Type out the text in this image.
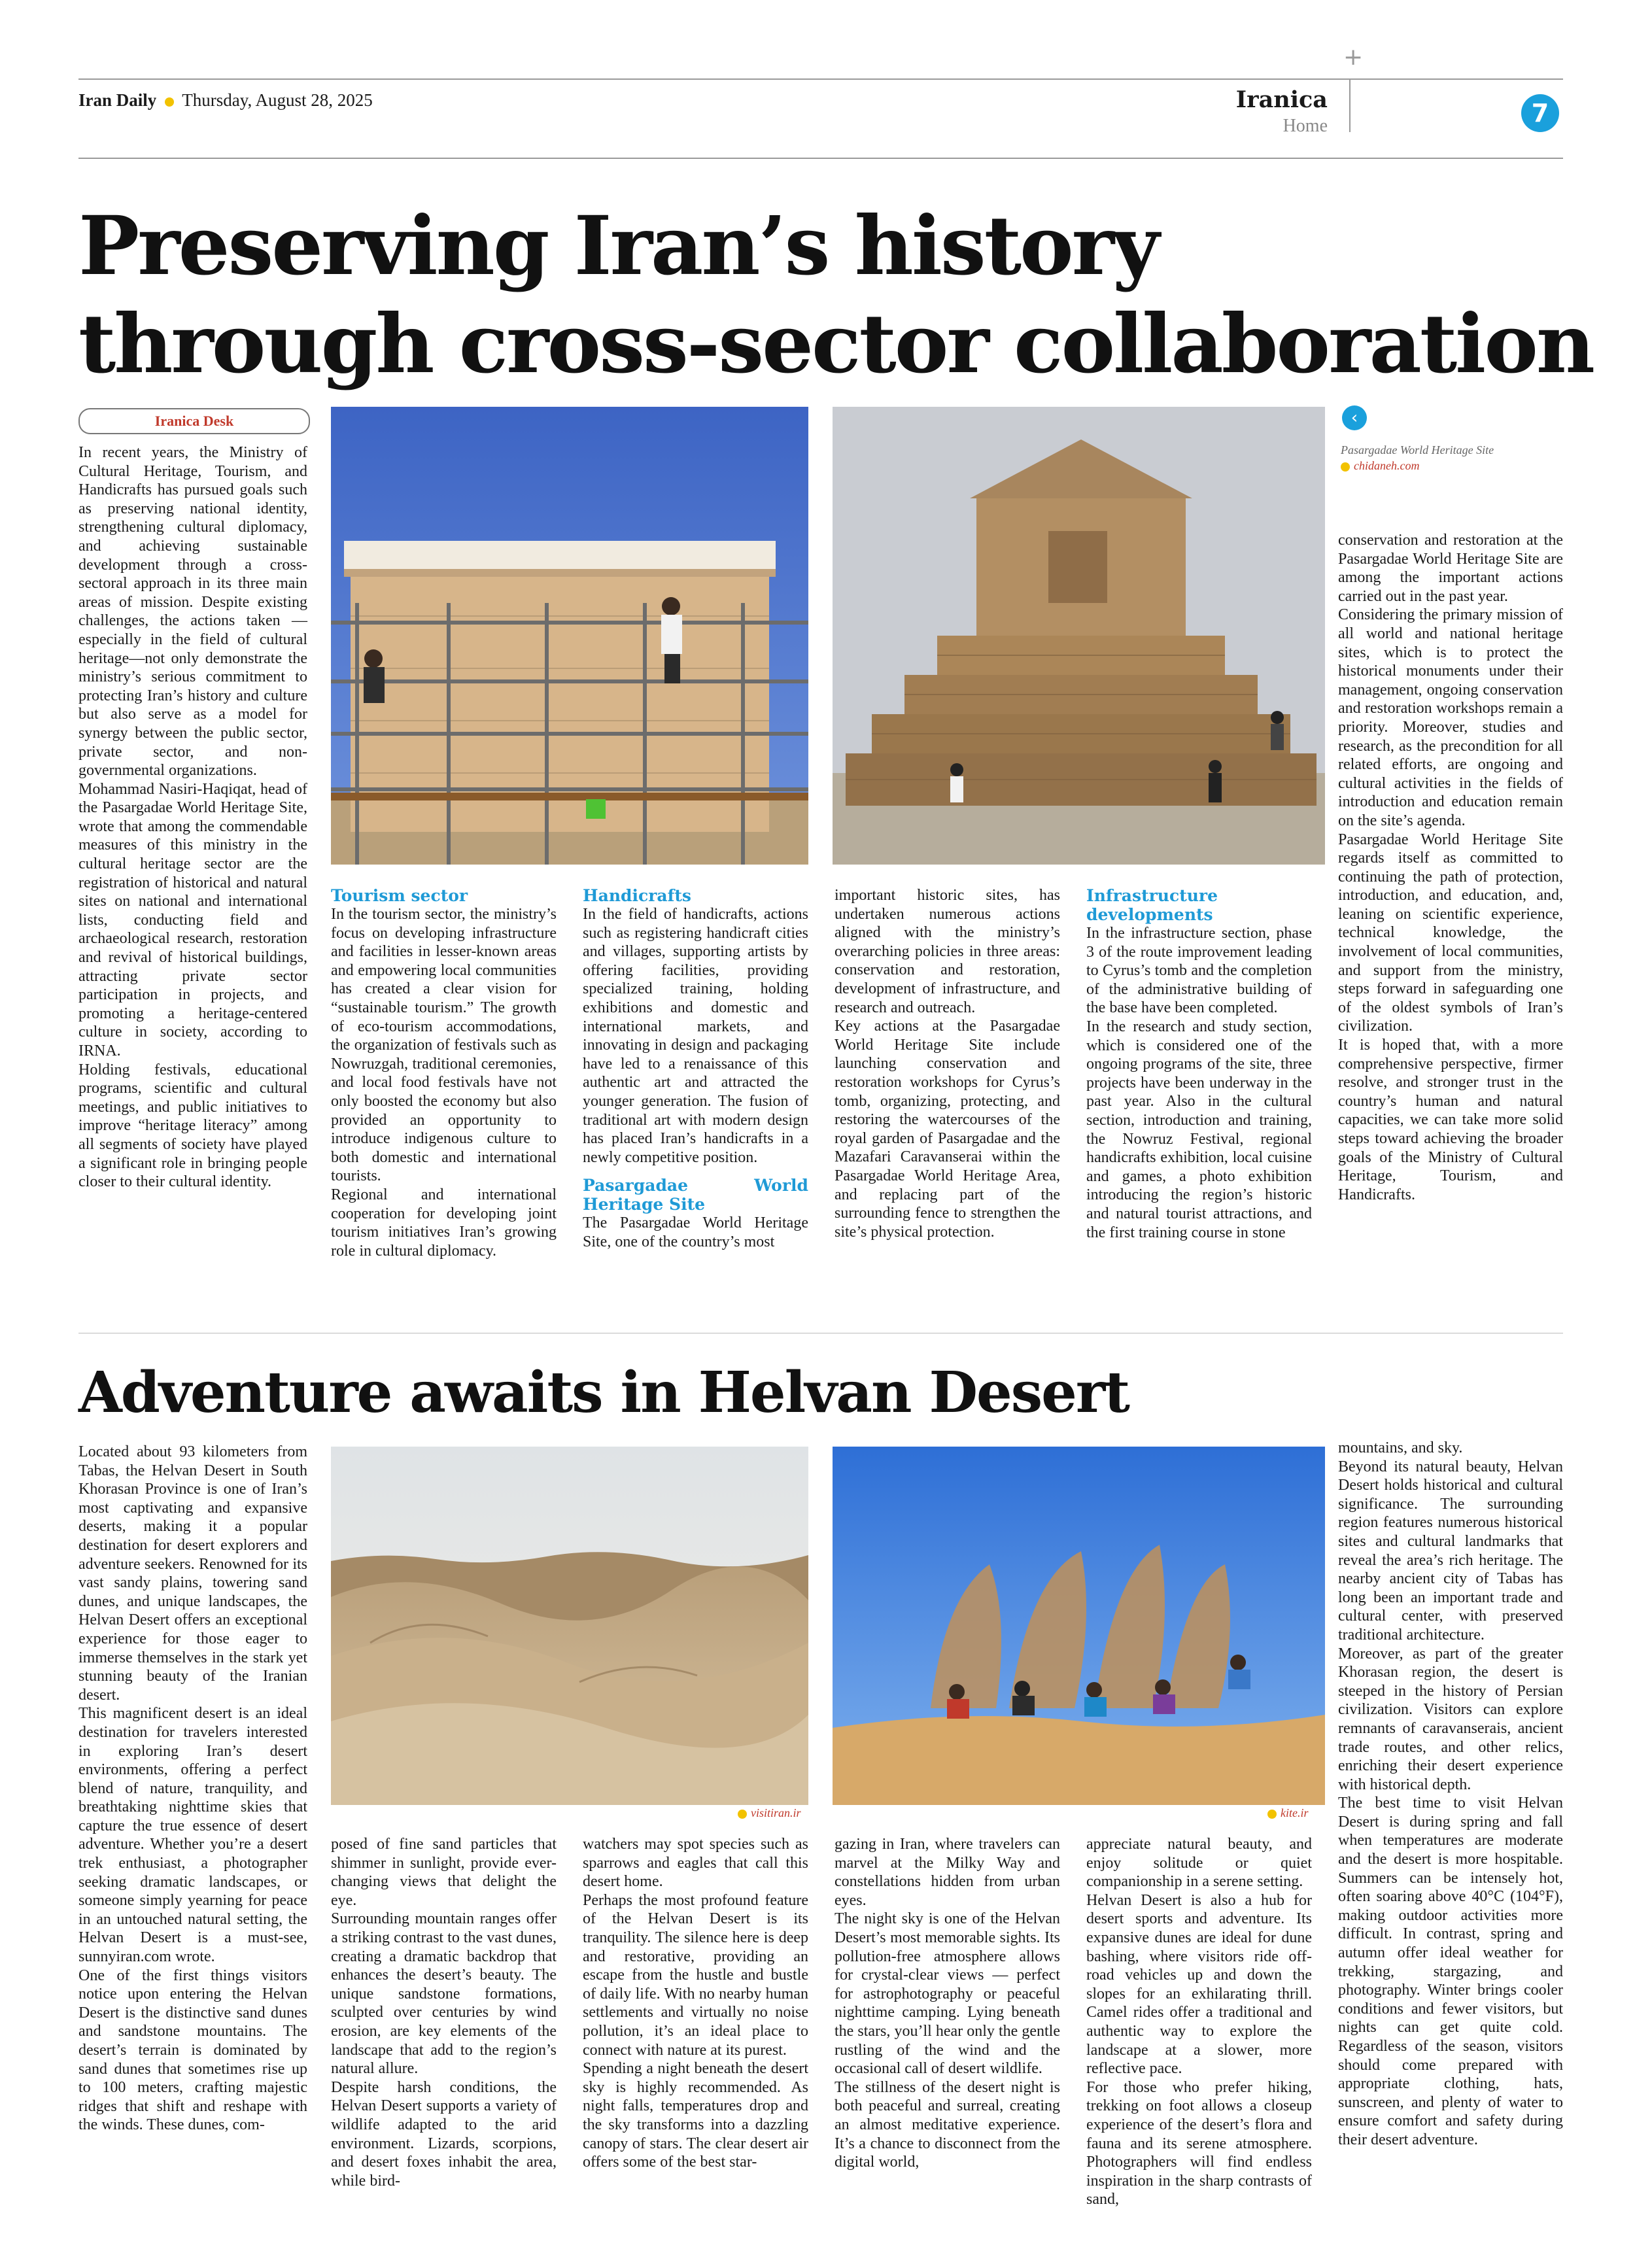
+
Iran Daily Thursday, August 28, 2025	Iranica
Home	7
Preserving Iran’s history
through cross-sector collaboration
Iranica Desk	‹
Pasargadae World Heritage Site
chidaneh.com

In recent years, the Ministry of Cultural Heritage, Tourism, and Handicrafts has pursued goals such as preserving national identity, strengthening cultural diplomacy, and achieving sustainable development through a cross-sectoral approach in its three main areas of mission. Despite existing challenges, the actions taken — especially in the field of cultural heritage—not only demonstrate the ministry’s serious commitment to protecting Iran’s history and culture but also serve as a model for synergy between the public sector, private sector, and non-governmental organizations.

Mohammad Nasiri-Haqiqat, head of the Pasargadae World Heritage Site, wrote that among the commendable measures of this ministry in the cultural heritage sector are the registration of historical and natural sites on national and international lists, conducting field and archaeological research, restoration and revival of historical buildings, attracting private sector participation in projects, and promoting a heritage-centered culture in society, according to IRNA.

Holding festivals, educational programs, scientific and cultural meetings, and public initiatives to improve “heritage literacy” among all segments of society have played a significant role in bringing people closer to their cultural identity.

Tourism sector

In the tourism sector, the ministry’s focus on developing infrastructure and facilities in lesser-known areas and empowering local communities has created a clear vision for “sustainable tourism.” The growth of eco-tourism accommodations, the organization of festivals such as Nowruzgah, traditional ceremonies, and local food festivals have not only boosted the economy but also provided an opportunity to introduce indigenous culture to both domestic and international tourists.

Regional and international cooperation for developing joint tourism initiatives Iran’s growing role in cultural diplomacy.

Handicrafts

In the field of handicrafts, actions such as registering handicraft cities and villages, supporting artists by offering facilities, providing specialized training, holding exhibitions and domestic and international markets, and innovating in design and packaging have led to a renaissance of this authentic art and attracted the younger generation. The fusion of traditional art with modern design has placed Iran’s handicrafts in a newly competitive position.

Pasargadae World Heritage Site

The Pasargadae World Heritage Site, one of the country’s most

important historic sites, has undertaken numerous actions aligned with the ministry’s overarching policies in three areas: conservation and restoration, development of infrastructure, and research and outreach.

Key actions at the Pasargadae World Heritage Site include launching conservation and restoration workshops for Cyrus’s tomb, organizing, protecting, and restoring the watercourses of the royal garden of Pasargadae and the Mazafari Caravanserai within the Pasargadae World Heritage Area, and replacing part of the surrounding fence to strengthen the site’s physical protection.

Infrastructure developments

In the infrastructure section, phase 3 of the route improvement leading to Cyrus’s tomb and the completion of the administrative building of the base have been completed.

In the research and study section, which is considered one of the ongoing programs of the site, three projects have been underway in the past year. Also in the cultural section, introduction and training, the Nowruz Festival, regional handicrafts exhibition, local cuisine and games, a photo exhibition introducing the region’s historic and natural tourist attractions, and the first training course in stone

conservation and restoration at the Pasargadae World Heritage Site are among the important actions carried out in the past year.

Considering the primary mission of all world and national heritage sites, which is to protect the historical monuments under their management, ongoing conservation and restoration workshops remain a priority. Moreover, studies and research, as the precondition for all related efforts, are ongoing and cultural activities in the fields of introduction and education remain on the site’s agenda.

Pasargadae World Heritage Site regards itself as committed to continuing the path of protection, introduction, and education, and, leaning on scientific experience, technical knowledge, the involvement of local communities, and support from the ministry, steps forward in safeguarding one of the oldest symbols of Iran’s civilization.

It is hoped that, with a more comprehensive perspective, firmer resolve, and stronger trust in the country’s human and natural capacities, we can take more solid steps toward achieving the broader goals of the Ministry of Cultural Heritage, Tourism, and Handicrafts.

Adventure awaits in Helvan Desert
visitiran.ir	kite.ir

Located about 93 kilometers from Tabas, the Helvan Desert in South Khorasan Province is one of Iran’s most captivating and expansive deserts, making it a popular destination for desert explorers and adventure seekers. Renowned for its vast sandy plains, towering sand dunes, and unique landscapes, the Helvan Desert offers an exceptional experience for those eager to immerse themselves in the stark yet stunning beauty of the Iranian desert.

This magnificent desert is an ideal destination for travelers interested in exploring Iran’s desert environments, offering a perfect blend of nature, tranquility, and breathtaking nighttime skies that capture the true essence of desert adventure. Whether you’re a desert trek enthusiast, a photographer seeking dramatic landscapes, or someone simply yearning for peace in an untouched natural setting, the Helvan Desert is a must-see, sunnyiran.com wrote.

One of the first things visitors notice upon entering the Helvan Desert is the distinctive sand dunes and sandstone mountains. The desert’s terrain is dominated by sand dunes that sometimes rise up to 100 meters, crafting majestic ridges that shift and reshape with the winds. These dunes, com-

posed of fine sand particles that shimmer in sunlight, provide ever-changing views that delight the eye.

Surrounding mountain ranges offer a striking contrast to the vast dunes, creating a dramatic backdrop that enhances the desert’s beauty. The unique sandstone formations, sculpted over centuries by wind erosion, are key elements of the landscape that add to the region’s natural allure.

Despite harsh conditions, the Helvan Desert supports a variety of wildlife adapted to the arid environment. Lizards, scorpions, and desert foxes inhabit the area, while bird-

watchers may spot species such as sparrows and eagles that call this desert home.

Perhaps the most profound feature of the Helvan Desert is its tranquility. The silence here is deep and restorative, providing an escape from the hustle and bustle of daily life. With no nearby human settlements and virtually no noise pollution, it’s an ideal place to connect with nature at its purest.

Spending a night beneath the desert sky is highly recommended. As night falls, temperatures drop and the sky transforms into a dazzling canopy of stars. The clear desert air offers some of the best star-

gazing in Iran, where travelers can marvel at the Milky Way and constellations hidden from urban eyes.

The night sky is one of the Helvan Desert’s most memorable sights. Its pollution-free atmosphere allows for crystal-clear views — perfect for astrophotography or peaceful nighttime camping. Lying beneath the stars, you’ll hear only the gentle rustling of the wind and the occasional call of desert wildlife.

The stillness of the desert night is both peaceful and surreal, creating an almost meditative experience. It’s a chance to disconnect from the digital world,

appreciate natural beauty, and enjoy solitude or quiet companionship in a serene setting.

Helvan Desert is also a hub for desert sports and adventure. Its expansive dunes are ideal for dune bashing, where visitors ride off-road vehicles up and down the slopes for an exhilarating thrill. Camel rides offer a traditional and authentic way to explore the landscape at a slower, more reflective pace.

For those who prefer hiking, trekking on foot allows a closeup experience of the desert’s flora and fauna and its serene atmosphere. Photographers will find endless inspiration in the sharp contrasts of sand,

mountains, and sky.

Beyond its natural beauty, Helvan Desert holds historical and cultural significance. The surrounding region features numerous historical sites and cultural landmarks that reveal the area’s rich heritage. The nearby ancient city of Tabas has long been an important trade and cultural center, with preserved traditional architecture.

Moreover, as part of the greater Khorasan region, the desert is steeped in the history of Persian civilization. Visitors can explore remnants of caravanserais, ancient trade routes, and other relics, enriching their desert experience with historical depth.

The best time to visit Helvan Desert is during spring and fall when temperatures are moderate and the desert is more hospitable. Summers can be intensely hot, often soaring above 40°C (104°F), making outdoor activities more difficult. In contrast, spring and autumn offer ideal weather for trekking, stargazing, and photography. Winter brings cooler conditions and fewer visitors, but nights can get quite cold. Regardless of the season, visitors should come prepared with appropriate clothing, hats, sunscreen, and plenty of water to ensure comfort and safety during their desert adventure.
